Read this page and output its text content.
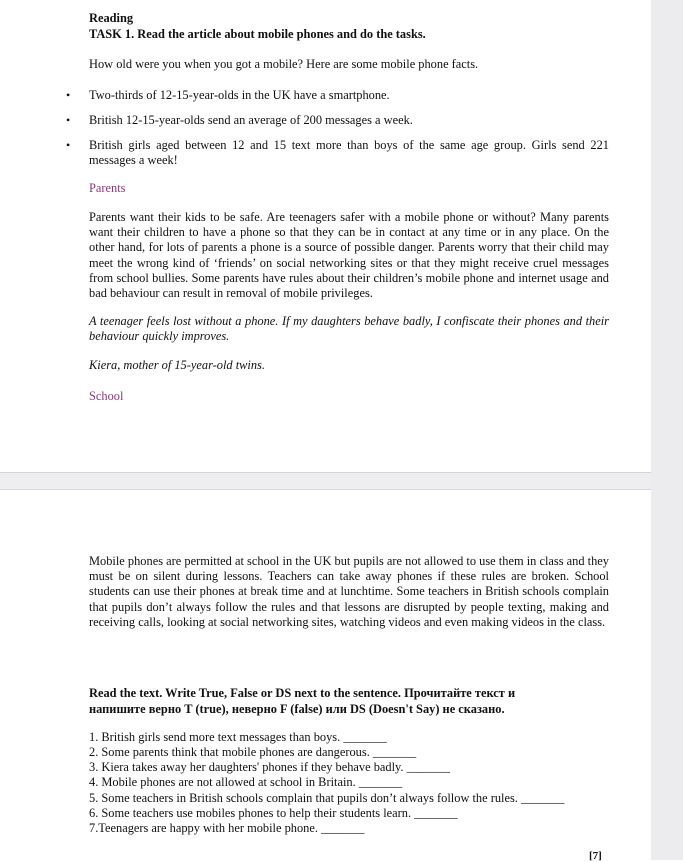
Reading
TASK 1. Read the article about mobile phones and do the tasks.
How old were you when you got a mobile? Here are some mobile phone facts.
• Two-thirds of 12-15-year-olds in the UK have a smartphone.
• British 12-15-year-olds send an average of 200 messages a week.
• British girls aged between 12 and 15 text more than boys of the same age group. Girls send 221 messages a week!
Parents
Parents want their kids to be safe. Are teenagers safer with a mobile phone or without? Many parents want their children to have a phone so that they can be in contact at any time or in any place. On the other hand, for lots of parents a phone is a source of possible danger. Parents worry that their child may meet the wrong kind of ‘friends’ on social networking sites or that they might receive cruel messages from school bullies. Some parents have rules about their children’s mobile phone and internet usage and bad behaviour can result in removal of mobile privileges.
A teenager feels lost without a phone. If my daughters behave badly, I confiscate their phones and their behaviour quickly improves.
Kiera, mother of 15-year-old twins.
School
Mobile phones are permitted at school in the UK but pupils are not allowed to use them in class and they must be on silent during lessons. Teachers can take away phones if these rules are broken. School students can use their phones at break time and at lunchtime. Some teachers in British schools complain that pupils don’t always follow the rules and that lessons are disrupted by people texting, making and receiving calls, looking at social networking sites, watching videos and even making videos in the class.
Read the text. Write True, False or DS next to the sentence. Прочитайте текст и
напишите верно T (true), неверно F (false) или DS (Doesn't Say) не сказано.
1. British girls send more text messages than boys. _______
2. Some parents think that mobile phones are dangerous. _______
3. Kiera takes away her daughters' phones if they behave badly. _______
4. Mobile phones are not allowed at school in Britain. _______
5. Some teachers in British schools complain that pupils don’t always follow the rules. _______
6. Some teachers use mobiles phones to help their students learn. _______
7.Teenagers are happy with her mobile phone. _______
[7]
